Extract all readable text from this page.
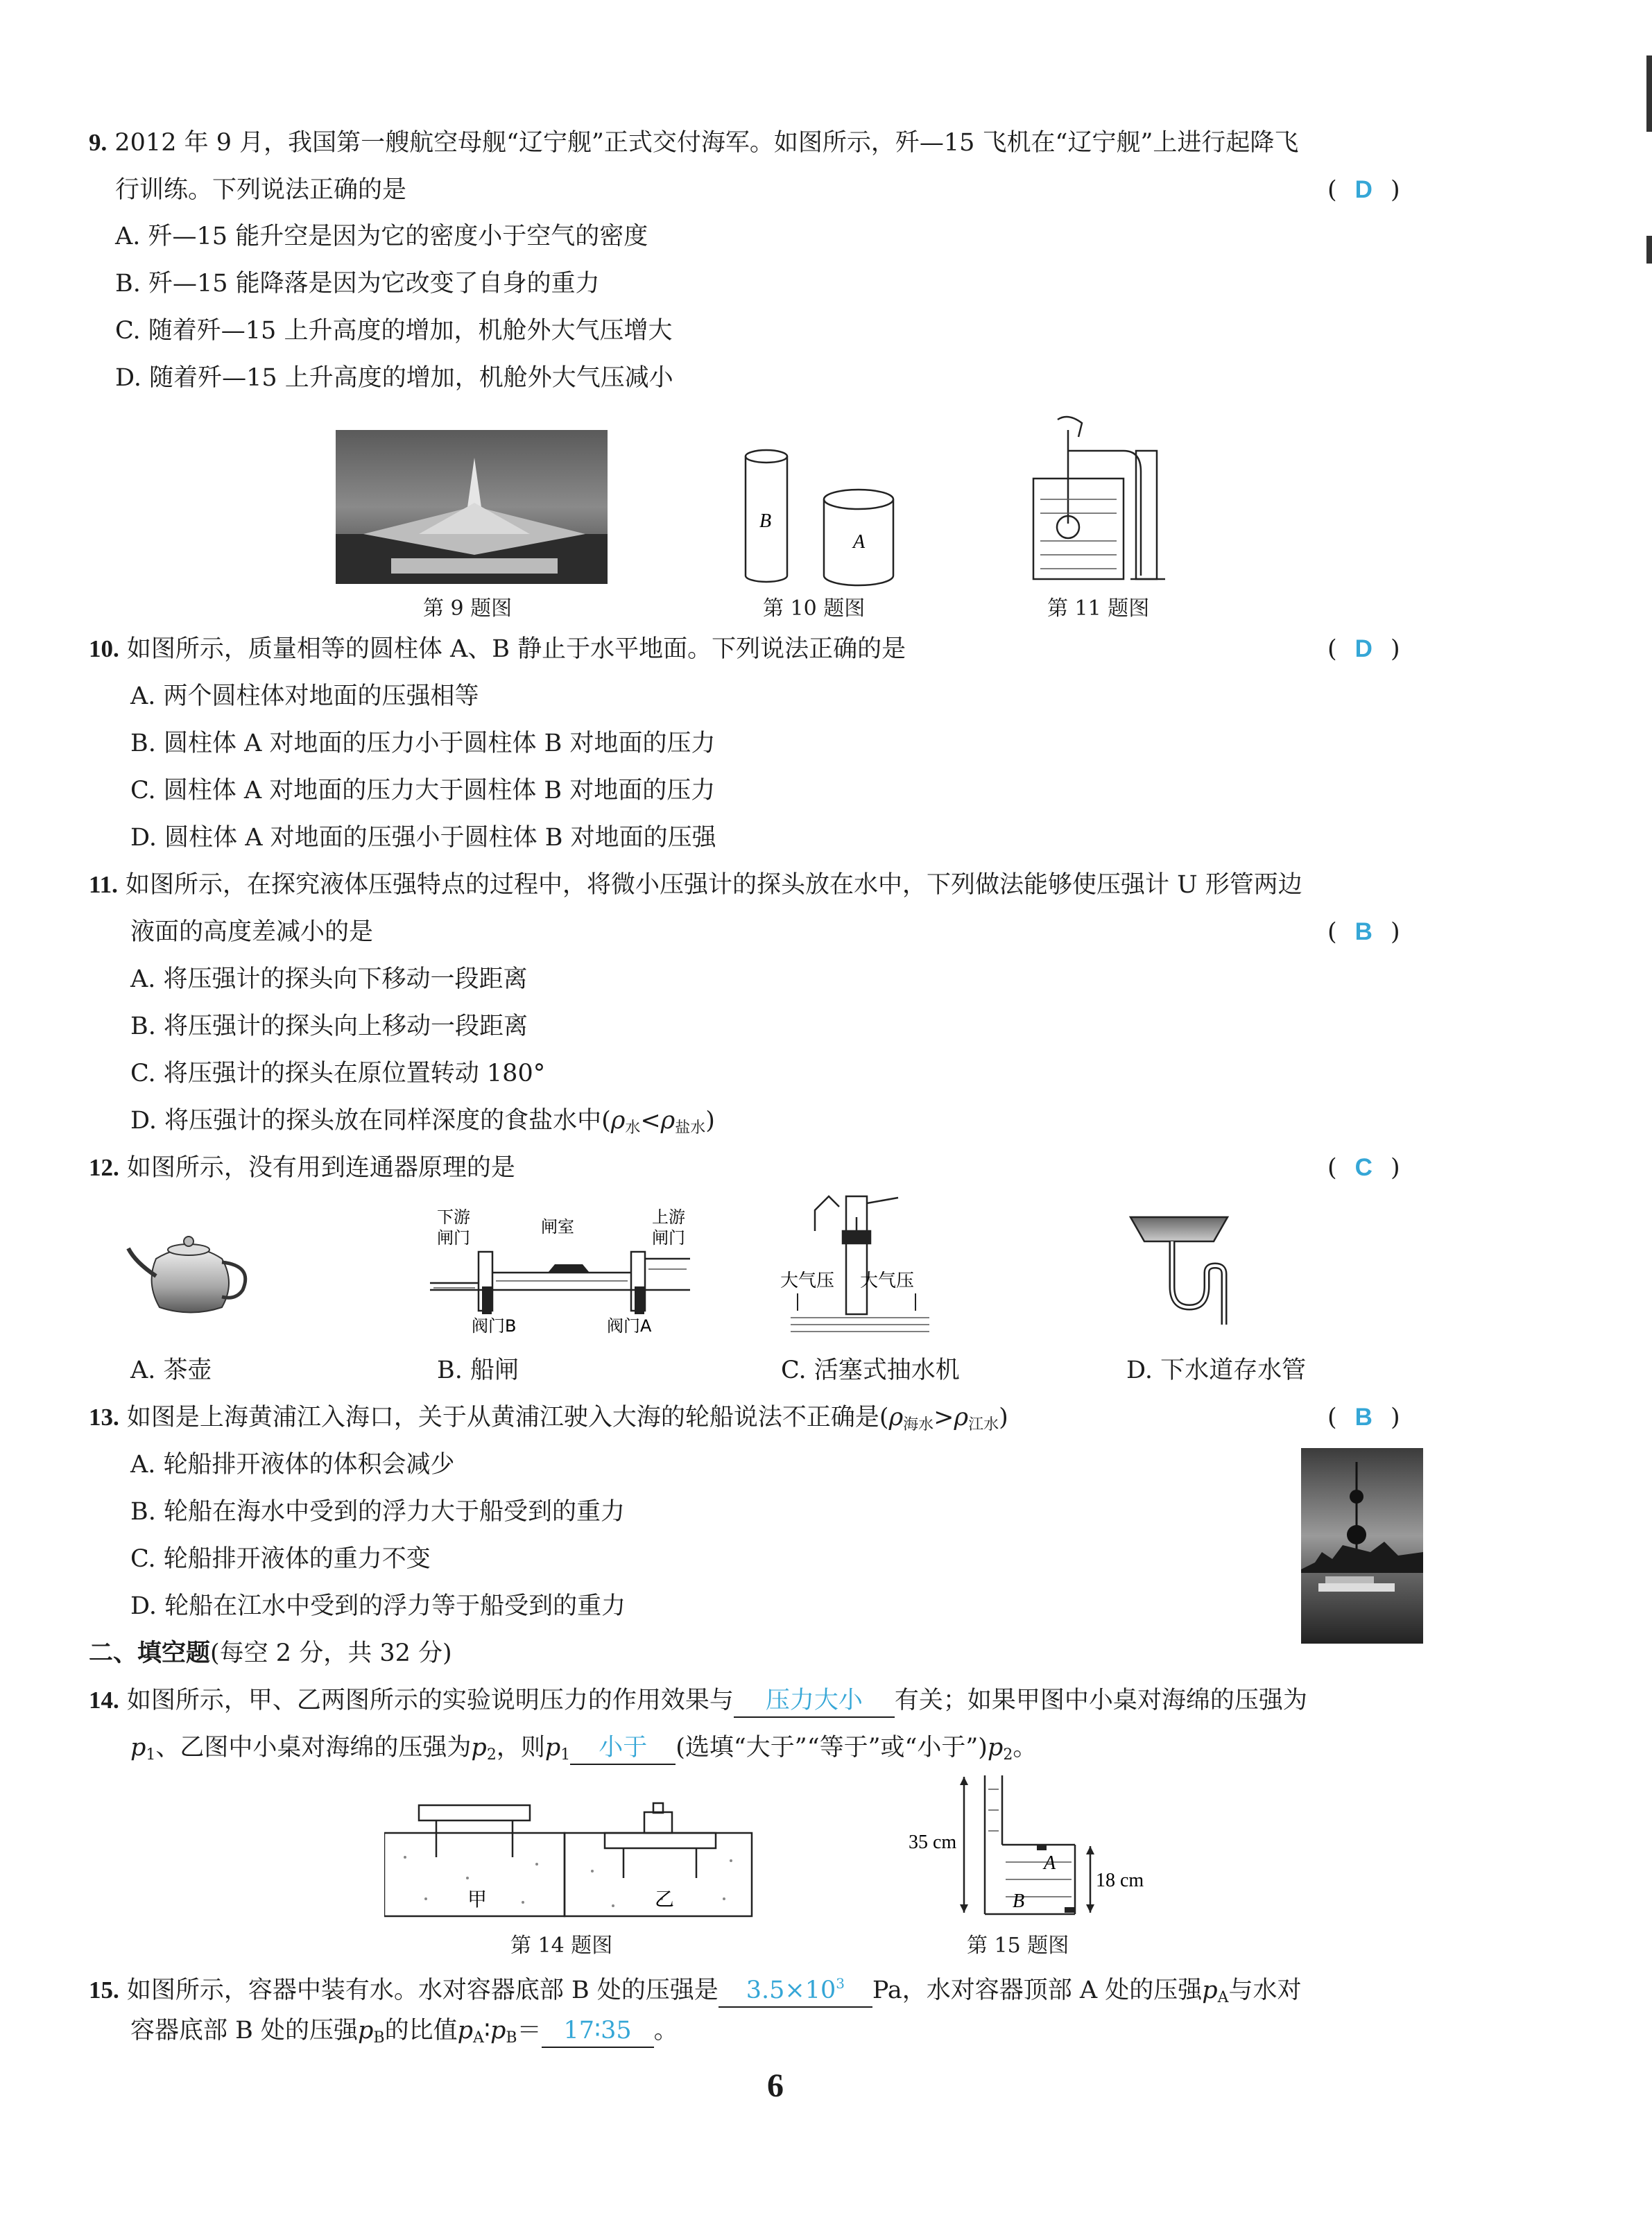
9. 2012 年 9 月，我国第一艘航空母舰“辽宁舰”正式交付海军。如图所示，歼—15 飞机在“辽宁舰”上进行起降飞
行训练。下列说法正确的是	( D )
A. 歼—15 能升空是因为它的密度小于空气的密度
B. 歼—15 能降落是因为它改变了自身的重力
C. 随着歼—15 上升高度的增加，机舱外大气压增大
D. 随着歼—15 上升高度的增加，机舱外大气压减小
B
A
第 9 题图	第 10 题图	第 11 题图
10. 如图所示，质量相等的圆柱体 A、B 静止于水平地面。下列说法正确的是	( D )
A. 两个圆柱体对地面的压强相等
B. 圆柱体 A 对地面的压力小于圆柱体 B 对地面的压力
C. 圆柱体 A 对地面的压力大于圆柱体 B 对地面的压力
D. 圆柱体 A 对地面的压强小于圆柱体 B 对地面的压强
11. 如图所示，在探究液体压强特点的过程中，将微小压强计的探头放在水中，下列做法能够使压强计 U 形管两边
液面的高度差减小的是	( B )
A. 将压强计的探头向下移动一段距离
B. 将压强计的探头向上移动一段距离
C. 将压强计的探头在原位置转动 180°
D. 将压强计的探头放在同样深度的食盐水中$(\rho_水<\rho_{盐水})$
12. 如图所示，没有用到连通器原理的是	( C )
下游
闸门
闸室	上游
闸门
阀门B	阀门A
大气压 大气压
A. 茶壶	B. 船闸	C. 活塞式抽水机	D. 下水道存水管
13. 如图是上海黄浦江入海口，关于从黄浦江驶入大海的轮船说法不正确是$(\rho_{海水}>\rho_{江水})$	( B )
A. 轮船排开液体的体积会减少
B. 轮船在海水中受到的浮力大于船受到的重力
C. 轮船排开液体的重力不变
D. 轮船在江水中受到的浮力等于船受到的重力
二、填空题(每空 2 分，共 32 分)
14. 如图所示，甲、乙两图所示的实验说明压力的作用效果与 压力大小 有关；如果甲图中小桌对海绵的压强为
$p_1$、乙图中小桌对海绵的压强为$p_2$，则$p_1$ 小于 (选填“大于”“等于”或“小于$”)p_2$。
甲	乙
第 14 题图
35 cm
18 cm
A
B
第 15 题图
15. 如图所示，容器中装有水。水对容器底部 B 处的压强是 $3.5\times 10^3$ Pa，水对容器顶部 A 处的压强$p_A$与水对
容器底部 B 处的压强$p_B$的比值$p_A∶p_B=$ 17∶35 。
6
